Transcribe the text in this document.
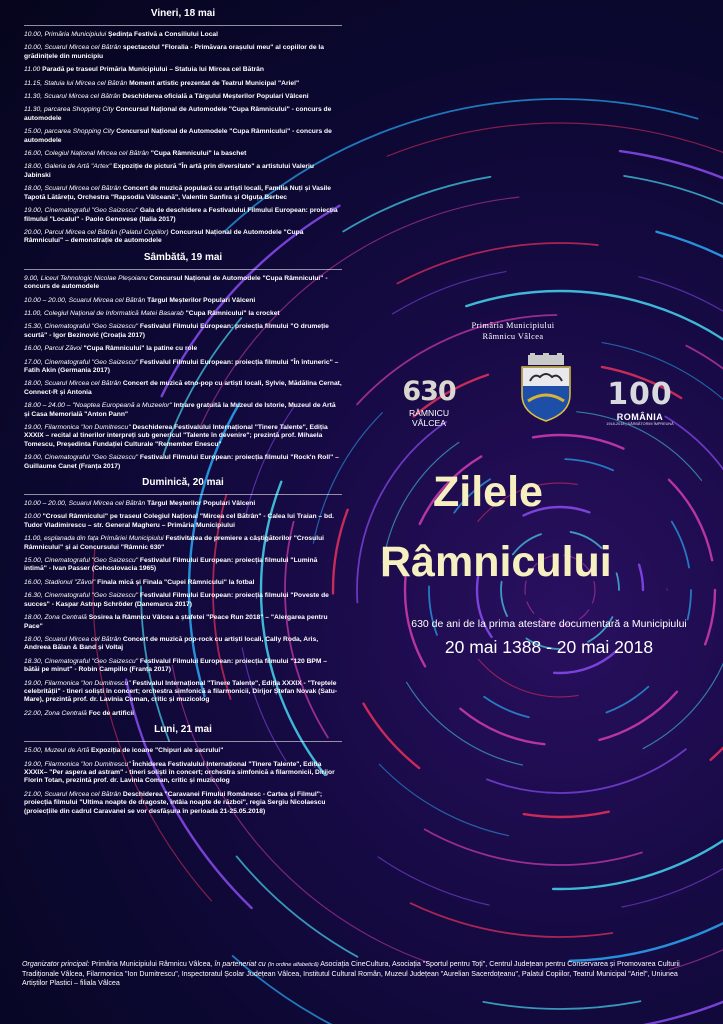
Vineri, 18 mai
10.00, Primăria Municipiului Ședința Festivă a Consiliului Local
10.00, Scuarul Mircea cel Bătrân spectacolul "Floralia - Primăvara orașului meu" al copiilor de la grădinițele din municipiu
11.00 Paradă pe traseul Primăria Municipiului – Statuia lui Mircea cel Bătrân
11.15, Statuia lui Mircea cel Bătrân Moment artistic prezentat de Teatrul Municipal "Ariel"
11.30, Scuarul Mircea cel Bătrân Deschiderea oficială a Târgului Meșterilor Populari Vâlceni
11.30, parcarea Shopping City Concursul Național de Automodele "Cupa Râmnicului" - concurs de automodele
15.00, parcarea Shopping City Concursul Național de Automodele "Cupa Râmnicului" - concurs de automodele
16.00, Colegiul Național Mircea cel Bătrân "Cupa Râmnicului" la baschet
18.00, Galeria de Artă "Artex" Expoziție de pictură "În artă prin diversitate" a artistului Valeriu Jabinski
18.00, Scuarul Mircea cel Bătrân Concert de muzică populară cu artiști locali, Familia Nuți și Vasile Tapotă Lătărețu, Orchestra "Rapsodia Vâlceană", Valentin Sanfira și Olguța Berbec
19.00, Cinematograful "Geo Saizescu" Gala de deschidere a Festivalului Filmului European: proiecția filmului "Localul" - Paolo Genovese (Italia 2017)
20.00, Parcul Mircea cel Bătrân (Palatul Copiilor) Concursul Național de Automodele "Cupa Râmnicului" – demonstrație de automodele
Sâmbătă, 19 mai
9.00, Liceul Tehnologic Nicolae Pleșoianu Concursul Național de Automodele "Cupa Râmnicului" - concurs de automodele
10.00 – 20.00, Scuarul Mircea cel Bătrân Târgul Meșterilor Populari Vâlceni
11.00, Colegiul Național de Informatică Matei Basarab "Cupa Râmnicului" la crocket
15.30, Cinematograful "Geo Saizescu" Festivalul Filmului European: proiecția filmului "O drumeție scurtă" - Igor Bezinović (Croația 2017)
16.00, Parcul Zăvoi "Cupa Râmnicului" la patine cu role
17.00, Cinematograful "Geo Saizescu" Festivalul Filmului European: proiecția filmului "În întuneric" – Fatih Akin (Germania 2017)
18.00, Scuarul Mircea cel Bătrân Concert de muzică etno-pop cu artiști locali, Sylvie, Mădălina Cernat, Connect-R și Antonia
18.00 – 24.00 – "Noaptea Europeană a Muzeelor" Intrare gratuită la Muzeul de Istorie, Muzeul de Artă și Casa Memorială "Anton Pann"
19.00, Filarmonica "Ion Dumitrescu" Deschiderea Festivalului Internațional "Tinere Talente", Ediția XXXIX – recital al tinerilor interpreți sub genericul "Talente în devenire"; prezintă prof. Mihaela Tomescu, Președinta Fundației Culturale "Remember Enescu"
19.00, Cinematograful "Geo Saizescu" Festivalul Filmului European: proiecția filmului "Rock'n Roll" – Guillaume Canet (Franța 2017)
Duminică, 20 mai
10.00 – 20.00, Scuarul Mircea cel Bătrân Târgul Meșterilor Populari Vâlceni
10.00 "Crosul Râmnicului" pe traseul Colegiul Național "Mircea cel Bătrân" - Calea lui Traian – bd. Tudor Vladimirescu – str. General Magheru – Primăria Municipiului
11.00, esplanada din fața Primăriei Municipiului Festivitatea de premiere a câștigătorilor "Crosului Râmnicului" și ai Concursului "Râmnic 630"
15.00, Cinematograful "Geo Saizescu" Festivalul Filmului European: proiecția filmului "Lumină intimă" - Ivan Passer (Cehoslovacia 1965)
16.00, Stadionul "Zăvoi" Finala mică și Finala "Cupei Râmnicului" la fotbal
16.30, Cinematograful "Geo Saizescu" Festivalul Filmului European: proiecția filmului "Poveste de succes" - Kaspar Astrup Schröder (Danemarca 2017)
18.00, Zona Centrală Sosirea la Râmnicu Vâlcea a ștafetei "Peace Run 2018" – "Alergarea pentru Pace"
18.00, Scuarul Mircea cel Bătrân Concert de muzică pop-rock cu artiști locali, Cally Roda, Aris, Andreea Bălan & Band și Voltaj
18.30, Cinematograful "Geo Saizescu" Festivalul Filmului European: proiecția filmului "120 BPM – bătăi pe minut" - Robin Campillo (Franța 2017)
19.00, Filarmonica "Ion Dumitrescu" Festivalul Internațional "Tinere Talente", Ediția XXXIX - "Treptele celebrității" - tineri soliști în concert; orchestra simfonică a filarmonicii, Dirijor Ștefan Novak (Satu-Mare), prezintă prof. dr. Lavinia Coman, critic și muzicolog
22.00, Zona Centrală Foc de artificii
Luni, 21 mai
15.00, Muzeul de Artă Expoziția de icoane "Chipuri ale sacrului"
19.00, Filarmonica "Ion Dumitrescu" Închiderea Festivalului Internațional "Tinere Talente", Ediția XXXIX– "Per aspera ad astram" - tineri soliști în concert; orchestra simfonică a filarmonicii, Dirijor Florin Totan, prezintă prof. dr. Lavinia Coman, critic și muzicolog
21.00, Scuarul Mircea cel Bătrân Deschiderea "Caravanei Fimului Românesc - Cartea și Filmul"; proiecția filmului "Ultima noapte de dragoste, întâia noapte de război", regia Sergiu Nicolaescu (proiecțiile din cadrul Caravanei se vor desfășura în perioada 21-25.05.2018)
Primăria Municipiului
Râmnicu Vâlcea
630
RÂMNICU VÂLCEA
100
ROMÂNIA
1918-2018 | SĂRBĂTORIM ÎMPREUNĂ
Zilele
Râmnicului
630 de ani de la prima atestare documentară a Municipiului
20 mai 1388 - 20 mai 2018
Organizator principal: Primăria Municipiului Râmnicu Vâlcea, în parteneriat cu (în ordine alfabetică) Asociația CineCultura, Asociația "Sportul pentru Toți", Centrul Județean pentru Conservarea și Promovarea Culturii Tradiționale Vâlcea, Filarmonica "Ion Dumitrescu", Inspectoratul Școlar Județean Vâlcea, Institutul Cultural Român, Muzeul Județean "Aurelian Sacerdoțeanu", Palatul Copiilor, Teatrul Municipal "Ariel", Uniunea Artiștilor Plastici – filiala Vâlcea
